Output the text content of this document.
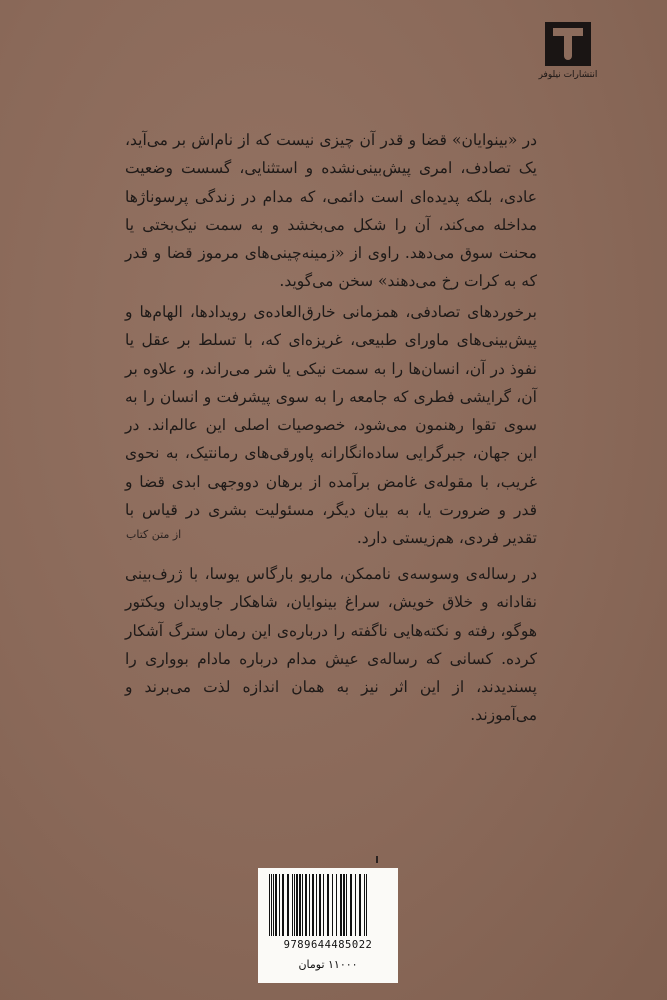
انتشارات نیلوفر
در «بینوایان» قضا و قدر آن چیزی نیست که از نام‌اش بر می‌آید، یک تصادف، امری پیش‌بینی‌نشده و استثنایی، گسست وضعیت عادی، بلکه پدیده‌ای است دائمی، که مدام در زندگی پرسوناژها مداخله می‌کند، آن را شکل می‌بخشد و به سمت نیک‌بختی یا محنت سوق می‌دهد. راوی از «زمینه‌چینی‌های مرموز قضا و قدر که به کرات رخ می‌دهند» سخن می‌گوید.
برخوردهای تصادفی، همزمانی خارق‌العاده‌ی رویدادها، الهام‌ها و پیش‌بینی‌های ماورای طبیعی، غریزه‌ای که، با تسلط بر عقل یا نفوذ در آن، انسان‌ها را به سمت نیکی یا شر می‌راند، و، علاوه بر آن، گرایشی فطری که جامعه را به سوی پیشرفت و انسان را به سوی تقوا رهنمون می‌شود، خصوصیات اصلی این عالم‌اند. در این جهان، جبرگرایی ساده‌انگارانه پاورقی‌های رمانتیک، به نحوی غریب، با مقوله‌ی غامض برآمده از برهان دووجهی ابدی قضا و قدر و ضرورت یا، به بیان دیگر، مسئولیت بشری در قیاس با تقدیر فردی، هم‌زیستی دارد.
از متن کتاب
در رساله‌ی وسوسه‌ی ناممکن، ماریو بارگاس یوسا، با ژرف‌بینی نقادانه و خلاق خویش، سراغ بینوایان، شاهکار جاویدان ویکتور هوگو، رفته و نکته‌هایی ناگفته را درباره‌ی این رمان سترگ آشکار کرده. کسانی که رساله‌ی عیش مدام درباره مادام بوواری را پسندیدند، از این اثر نیز به همان اندازه لذت می‌برند و می‌آموزند.
9789644485022
۱۱۰۰۰ تومان
